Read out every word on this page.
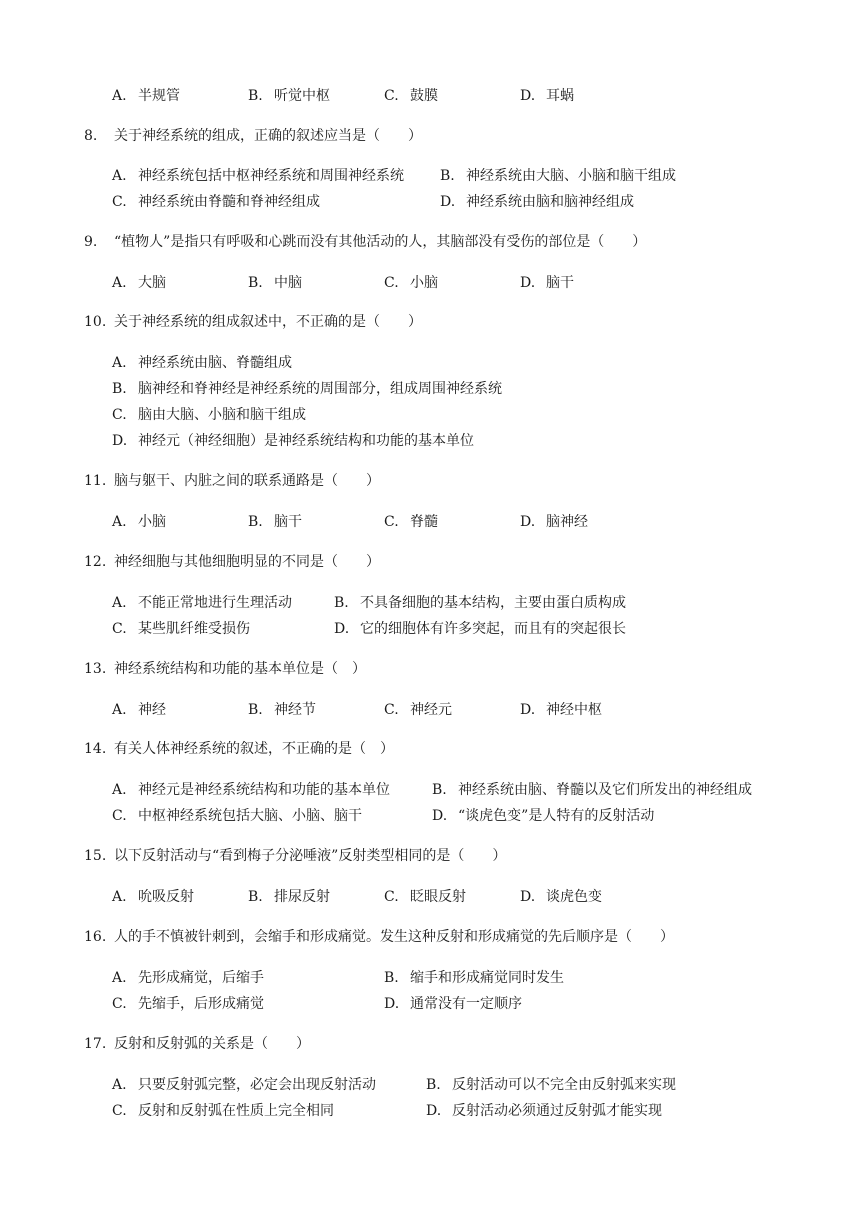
A. 半规管	B. 听觉中枢	C. 鼓膜	D. 耳蜗
8. 关于神经系统的组成，正确的叙述应当是（　　）
A. 神经系统包括中枢神经系统和周围神经系统	B. 神经系统由大脑、小脑和脑干组成
C. 神经系统由脊髓和脊神经组成	D. 神经系统由脑和脑神经组成
9. “植物人”是指只有呼吸和心跳而没有其他活动的人，其脑部没有受伤的部位是（　　）
A. 大脑	B. 中脑	C. 小脑	D. 脑干
10. 关于神经系统的组成叙述中，不正确的是（　　）
A. 神经系统由脑、脊髓组成
B. 脑神经和脊神经是神经系统的周围部分，组成周围神经系统
C. 脑由大脑、小脑和脑干组成
D. 神经元（神经细胞）是神经系统结构和功能的基本单位
11. 脑与躯干、内脏之间的联系通路是（　　）
A. 小脑	B. 脑干	C. 脊髓	D. 脑神经
12. 神经细胞与其他细胞明显的不同是（　　）
A. 不能正常地进行生理活动	B. 不具备细胞的基本结构，主要由蛋白质构成
C. 某些肌纤维受损伤	D. 它的细胞体有许多突起，而且有的突起很长
13. 神经系统结构和功能的基本单位是（　）
A. 神经	B. 神经节	C. 神经元	D. 神经中枢
14. 有关人体神经系统的叙述，不正确的是（　）
A. 神经元是神经系统结构和功能的基本单位	B. 神经系统由脑、脊髓以及它们所发出的神经组成
C. 中枢神经系统包括大脑、小脑、脑干	D. “谈虎色变”是人特有的反射活动
15. 以下反射活动与“看到梅子分泌唾液”反射类型相同的是（　　）
A. 吮吸反射	B. 排尿反射	C. 眨眼反射	D. 谈虎色变
16. 人的手不慎被针刺到，会缩手和形成痛觉。发生这种反射和形成痛觉的先后顺序是（　　）
A. 先形成痛觉，后缩手	B. 缩手和形成痛觉同时发生
C. 先缩手，后形成痛觉	D. 通常没有一定顺序
17. 反射和反射弧的关系是（　　）
A. 只要反射弧完整，必定会出现反射活动	B. 反射活动可以不完全由反射弧来实现
C. 反射和反射弧在性质上完全相同	D. 反射活动必须通过反射弧才能实现
